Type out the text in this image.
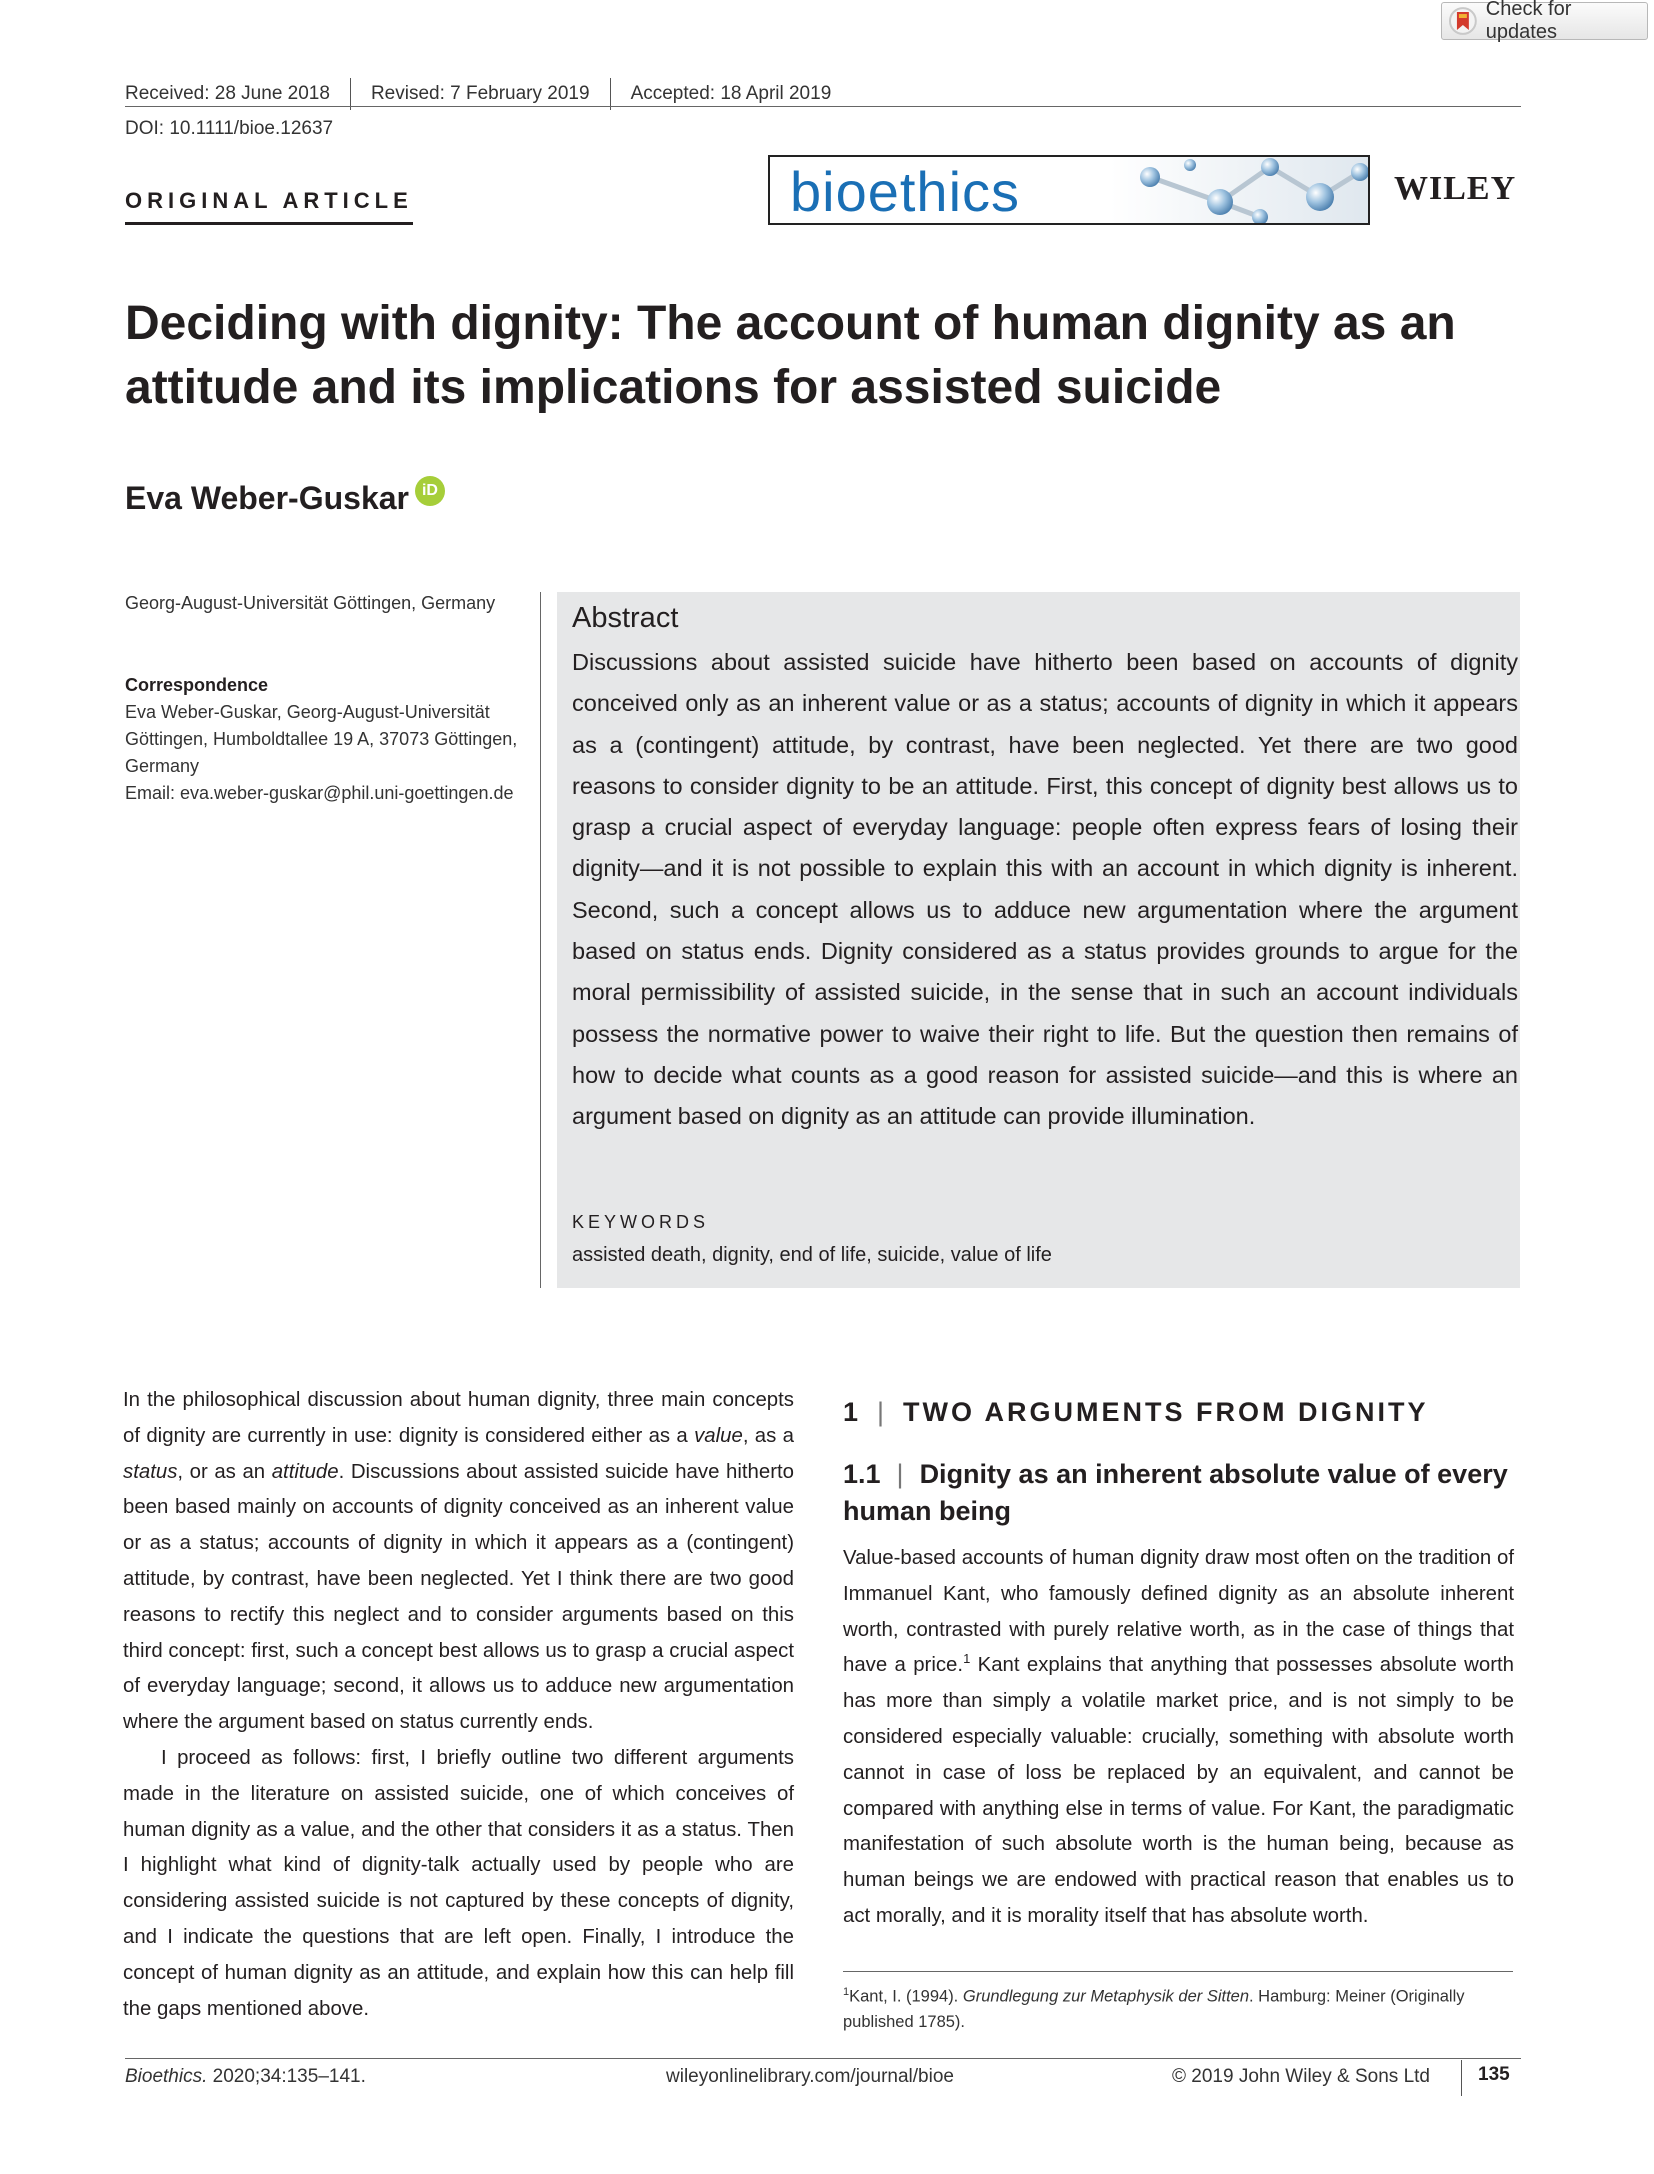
Check for updates
Received: 28 June 2018 Revised: 7 February 2019 Accepted: 18 April 2019
DOI: 10.1111/bioe.12637
ORIGINAL ARTICLE	bioethics	WILEY
Deciding with dignity: The account of human dignity as an attitude and its implications for assisted suicide
Eva Weber-Guskar iD
Georg-August-Universität Göttingen, Germany
Correspondence
Eva Weber-Guskar, Georg-August-Universität Göttingen, Humboldtallee 19 A, 37073 Göttingen, Germany
Email: eva.weber-guskar@phil.uni-goettingen.de
Abstract
Discussions about assisted suicide have hitherto been based on accounts of dignity conceived only as an inherent value or as a status; accounts of dignity in which it appears as a (contingent) attitude, by contrast, have been neglected. Yet there are two good reasons to consider dignity to be an attitude. First, this concept of dignity best allows us to grasp a crucial aspect of everyday language: people often express fears of losing their dignity—and it is not possible to explain this with an account in which dignity is inherent. Second, such a concept allows us to adduce new argumentation where the argument based on status ends. Dignity considered as a status provides grounds to argue for the moral permissibility of assisted suicide, in the sense that in such an account individuals possess the normative power to waive their right to life. But the question then remains of how to decide what counts as a good reason for assisted suicide—and this is where an argument based on dignity as an attitude can provide illumination.
KEYWORDS
assisted death, dignity, end of life, suicide, value of life

In the philosophical discussion about human dignity, three main concepts of dignity are currently in use: dignity is considered either as a value, as a status, or as an attitude. Discussions about assisted suicide have hitherto been based mainly on accounts of dignity conceived as an inherent value or as a status; accounts of dignity in which it appears as a (contingent) attitude, by contrast, have been neglected. Yet I think there are two good reasons to rectify this neglect and to consider arguments based on this third concept: first, such a concept best allows us to grasp a crucial aspect of everyday language; second, it allows us to adduce new argumentation where the argument based on status currently ends.

I proceed as follows: first, I briefly outline two different arguments made in the literature on assisted suicide, one of which conceives of human dignity as a value, and the other that considers it as a status. Then I highlight what kind of dignity-talk actually used by people who are considering assisted suicide is not captured by these concepts of dignity, and I indicate the questions that are left open. Finally, I introduce the concept of human dignity as an attitude, and explain how this can help fill the gaps mentioned above.

1 | TWO ARGUMENTS FROM DIGNITY
1.1 | Dignity as an inherent absolute value of every human being
Value-based accounts of human dignity draw most often on the tradition of Immanuel Kant, who famously defined dignity as an absolute inherent worth, contrasted with purely relative worth, as in the case of things that have a price.$^1$ Kant explains that anything that possesses absolute worth has more than simply a volatile market price, and is not simply to be considered especially valuable: crucially, something with absolute worth cannot in case of loss be replaced by an equivalent, and cannot be compared with anything else in terms of value. For Kant, the paradigmatic manifestation of such absolute worth is the human being, because as human beings we are endowed with practical reason that enables us to act morally, and it is morality itself that has absolute worth.
$^1$Kant, I. (1994). Grundlegung zur Metaphysik der Sitten. Hamburg: Meiner (Originally published 1785).
Bioethics. 2020;34:135–141.	wileyonlinelibrary.com/journal/bioe	© 2019 John Wiley & Sons Ltd	135
